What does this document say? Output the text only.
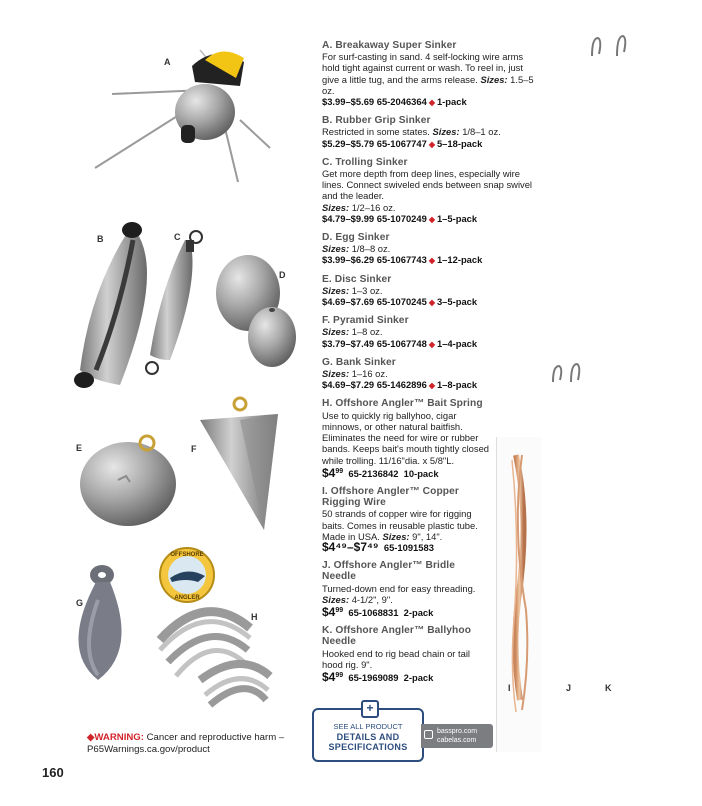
A
B	C
D
E	F
G
H
I	J	K
OFFSHORE
ANGLER
A. Breakaway Super Sinker
For surf-casting in sand. 4 self-locking wire arms hold tight against current or wash. To reel in, just give a little tug, and the arms release. Sizes: 1.5–5 oz.
$3.99–$5.69 65-2046364 ◆ 1-pack
B. Rubber Grip Sinker
Restricted in some states. Sizes: 1/8–1 oz.
$5.29–$5.79 65-1067747 ◆ 5–18-pack
C. Trolling Sinker
Get more depth from deep lines, especially wire lines. Connect swiveled ends between snap swivel and the leader.
Sizes: 1/2–16 oz.
$4.79–$9.99 65-1070249 ◆ 1–5-pack
D. Egg Sinker
Sizes: 1/8–8 oz.
$3.99–$6.29 65-1067743 ◆ 1–12-pack
E. Disc Sinker
Sizes: 1–3 oz.
$4.69–$7.69 65-1070245 ◆ 3–5-pack
F. Pyramid Sinker
Sizes: 1–8 oz.
$3.79–$7.49 65-1067748 ◆ 1–4-pack
G. Bank Sinker
Sizes: 1–16 oz.
$4.69–$7.29 65-1462896 ◆ 1–8-pack
H. Offshore Angler™ Bait Spring
Use to quickly rig ballyhoo, cigar minnows, or other natural baitfish. Eliminates the need for wire or rubber bands. Keeps bait's mouth tightly closed while trolling. 11/16"dia. x 5/8"L.
$\$4^{99}$ 65-2136842 10-pack
I. Offshore Angler™ Copper Rigging Wire
50 strands of copper wire for rigging baits. Comes in reusable plastic tube. Made in USA. Sizes: 9", 14".
$4⁴⁹–$7⁴⁹ 65-1091583
J. Offshore Angler™ Bridle Needle
Turned-down end for easy threading. Sizes: 4-1/2", 9".
$\$4^{99}$ 65-1068831 2-pack
K. Offshore Angler™ Ballyhoo Needle
Hooked end to rig bead chain or tail hood rig. 9".
$\$4^{99}$ 65-1969089 2-pack
+
SEE ALL PRODUCT
DETAILS AND
SPECIFICATIONS
basspro.com
cabelas.com
◆WARNING: Cancer and reproductive harm –
P65Warnings.ca.gov/product
160
